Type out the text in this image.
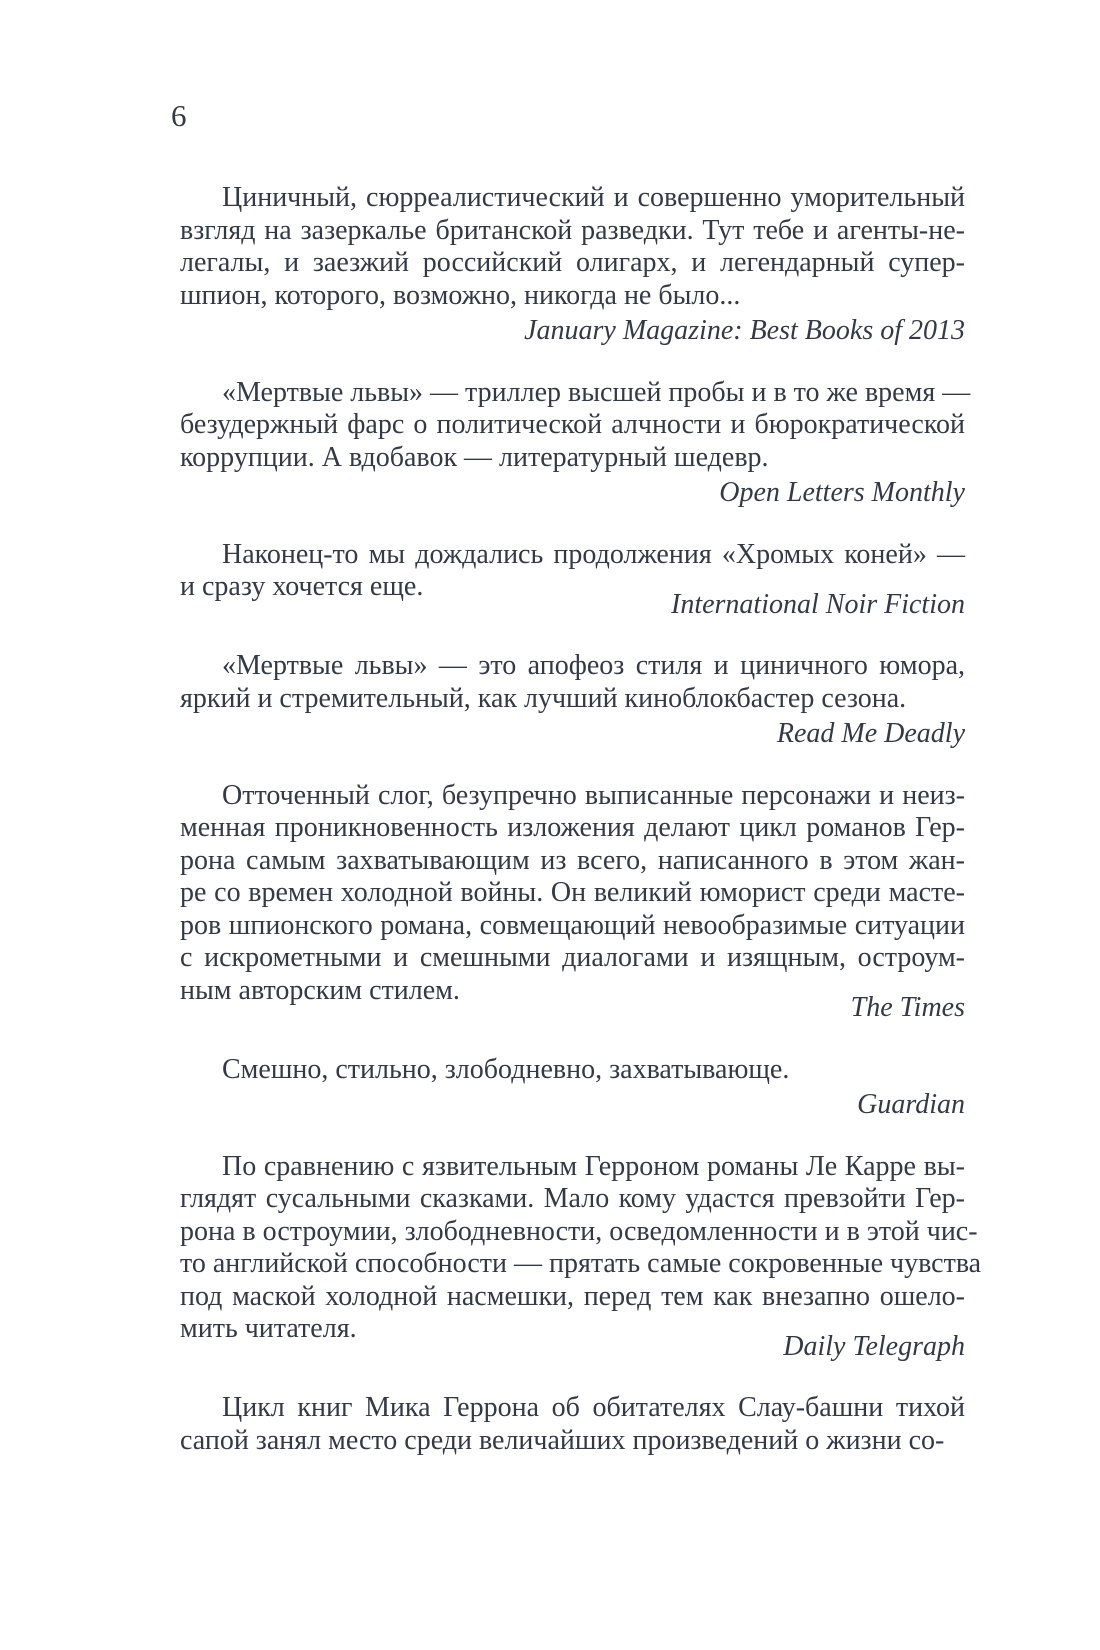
6
Циничный, сюрреалистический и совершенно уморительный
взгляд на зазеркалье британской разведки. Тут тебе и агенты-не-
легалы, и заезжий российский олигарх, и легендарный супер-
шпион, которого, возможно, никогда не было...
January Magazine: Best Books of 2013
«Мертвые львы» — триллер высшей пробы и в то же время —
безудержный фарс о политической алчности и бюрократической
коррупции. А вдобавок — литературный шедевр.
Open Letters Monthly
Наконец-то мы дождались продолжения «Хромых коней» —
и сразу хочется еще.
International Noir Fiction
«Мертвые львы» — это апофеоз стиля и циничного юмора,
яркий и стремительный, как лучший киноблокбастер сезона.
Read Me Deadly
Отточенный слог, безупречно выписанные персонажи и неиз-
менная проникновенность изложения делают цикл романов Гер-
рона самым захватывающим из всего, написанного в этом жан-
ре со времен холодной войны. Он великий юморист среди масте-
ров шпионского романа, совмещающий невообразимые ситуации
с искрометными и смешными диалогами и изящным, остроум-
ным авторским стилем.
The Times
Смешно, стильно, злободневно, захватывающе.
Guardian
По сравнению с язвительным Герроном романы Ле Карре вы-
глядят сусальными сказками. Мало кому удастся превзойти Гер-
рона в остроумии, злободневности, осведомленности и в этой чис-
то английской способности — прятать самые сокровенные чувства
под маской холодной насмешки, перед тем как внезапно ошело-
мить читателя.
Daily Telegraph
Цикл книг Мика Геррона об обитателях Слау-башни тихой
сапой занял место среди величайших произведений о жизни со-
